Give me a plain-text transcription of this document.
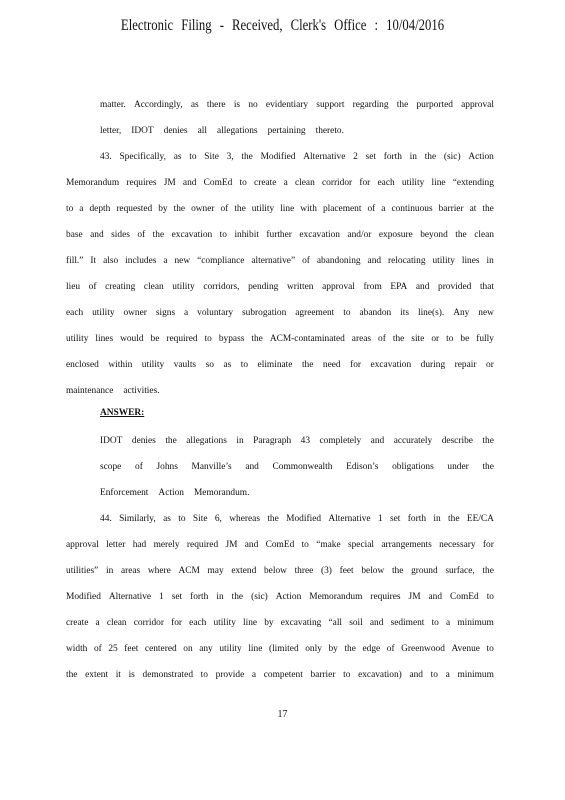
Electronic Filing - Received, Clerk's Office : 10/04/2016
matter. Accordingly, as there is no evidentiary support regarding the purported approval
letter, IDOT denies all allegations pertaining thereto.
43. Specifically, as to Site 3, the Modified Alternative 2 set forth in the (sic) Action
Memorandum requires JM and ComEd to create a clean corridor for each utility line “extending
to a depth requested by the owner of the utility line with placement of a continuous barrier at the
base and sides of the excavation to inhibit further excavation and/or exposure beyond the clean
fill.” It also includes a new “compliance alternative” of abandoning and relocating utility lines in
lieu of creating clean utility corridors, pending written approval from EPA and provided that
each utility owner signs a voluntary subrogation agreement to abandon its line(s). Any new
utility lines would be required to bypass the ACM-contaminated areas of the site or to be fully
enclosed within utility vaults so as to eliminate the need for excavation during repair or
maintenance activities.
ANSWER:
IDOT denies the allegations in Paragraph 43 completely and accurately describe the
scope of Johns Manville’s and Commonwealth Edison’s obligations under the
Enforcement Action Memorandum.
44. Similarly, as to Site 6, whereas the Modified Alternative 1 set forth in the EE/CA
approval letter had merely required JM and ComEd to “make special arrangements necessary for
utilities” in areas where ACM may extend below three (3) feet below the ground surface, the
Modified Alternative 1 set forth in the (sic) Action Memorandum requires JM and ComEd to
create a clean corridor for each utility line by excavating “all soil and sediment to a minimum
width of 25 feet centered on any utility line (limited only by the edge of Greenwood Avenue to
the extent it is demonstrated to provide a competent barrier to excavation) and to a minimum
17
